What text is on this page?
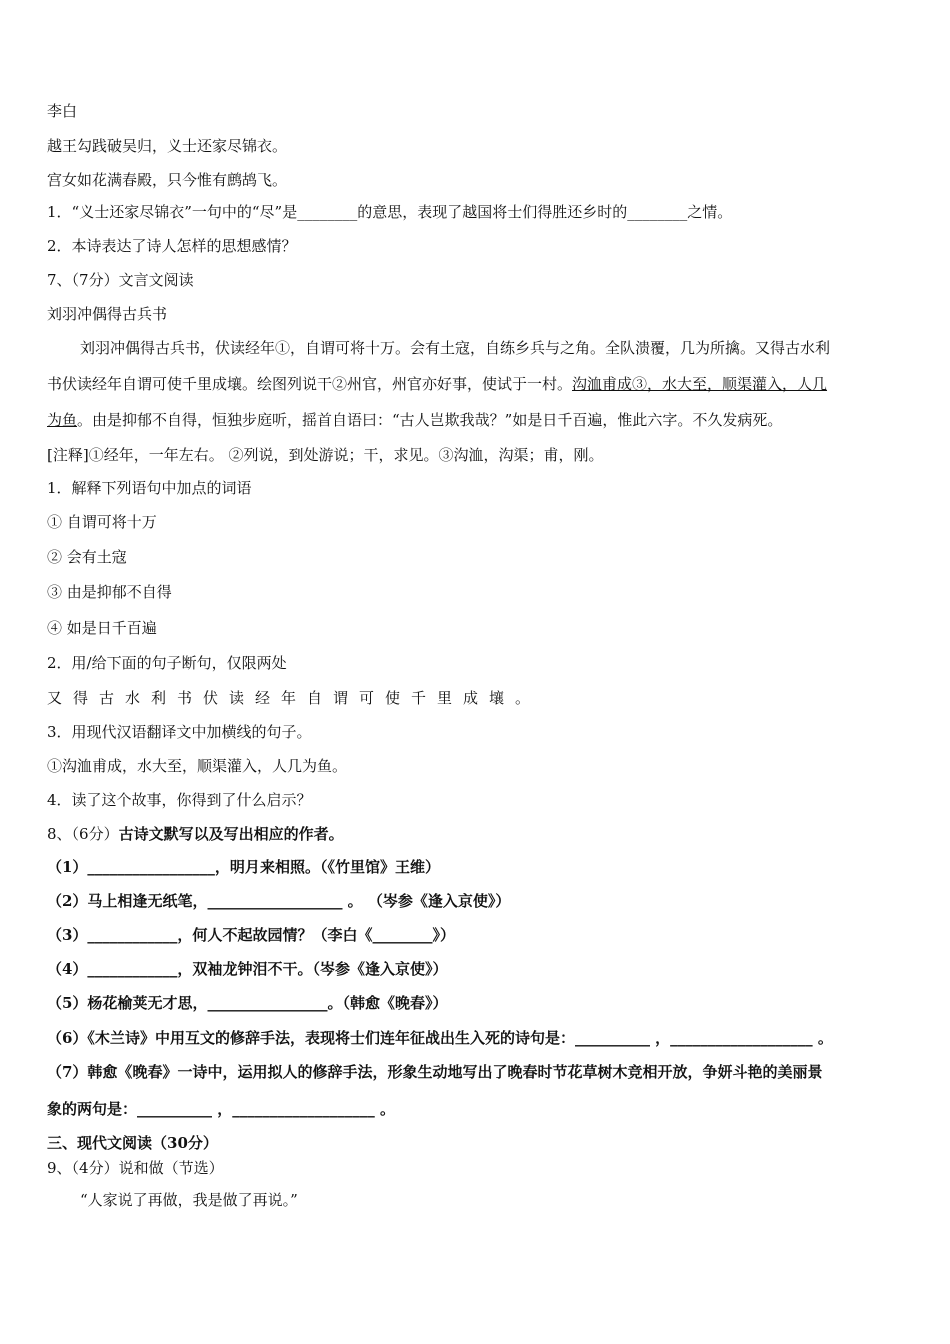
李白
越王勾践破吴归，义士还家尽锦衣。
宫女如花满春殿，只今惟有鹧鸪飞。
1．“义士还家尽锦衣”一句中的“尽”是________的意思，表现了越国将士们得胜还乡时的________之情。
2．本诗表达了诗人怎样的思想感情？
7、（7分）文言文阅读
刘羽冲偶得古兵书
刘羽冲偶得古兵书，伏读经年①，自谓可将十万。会有土寇，自练乡兵与之角。全队溃覆，几为所擒。又得古水利
书伏读经年自谓可使千里成壤。绘图列说干②州官，州官亦好事，使试于一村。沟洫甫成③，水大至，顺渠灌入，人几
为鱼。由是抑郁不自得，恒独步庭听，摇首自语曰：“古人岂欺我哉？”如是日千百遍，惟此六字。不久发病死。
[注释]①经年，一年左右。 ②列说，到处游说；干，求见。③沟洫，沟渠；甫，刚。
1．解释下列语句中加点的词语
① 自谓可将十万
② 会有土寇
③ 由是抑郁不自得
④ 如是日千百遍
2．用/给下面的句子断句，仅限两处
又得古水利书伏读经年自谓可使千里成壤。
3．用现代汉语翻译文中加横线的句子。
①沟洫甫成，水大至，顺渠灌入，人几为鱼。
4．读了这个故事，你得到了什么启示？
8、（6分）古诗文默写以及写出相应的作者。
（1）_________________，明月来相照。（《竹里馆》王维）
（2）马上相逢无纸笔，__________________ 。 （岑参《逢入京使》）
（3）____________，何人不起故园情？（李白《________》）
（4）____________，双袖龙钟泪不干。（岑参《逢入京使》）
（5）杨花榆荚无才思，________________。（韩愈《晚春》）
（6）《木兰诗》中用互文的修辞手法，表现将士们连年征战出生入死的诗句是：__________ ，___________________ 。
（7）韩愈《晚春》一诗中，运用拟人的修辞手法，形象生动地写出了晚春时节花草树木竞相开放，争妍斗艳的美丽景
象的两句是：__________ ，___________________ 。
三、现代文阅读（30分）
9、（4分）说和做（节选）
“人家说了再做，我是做了再说。”
